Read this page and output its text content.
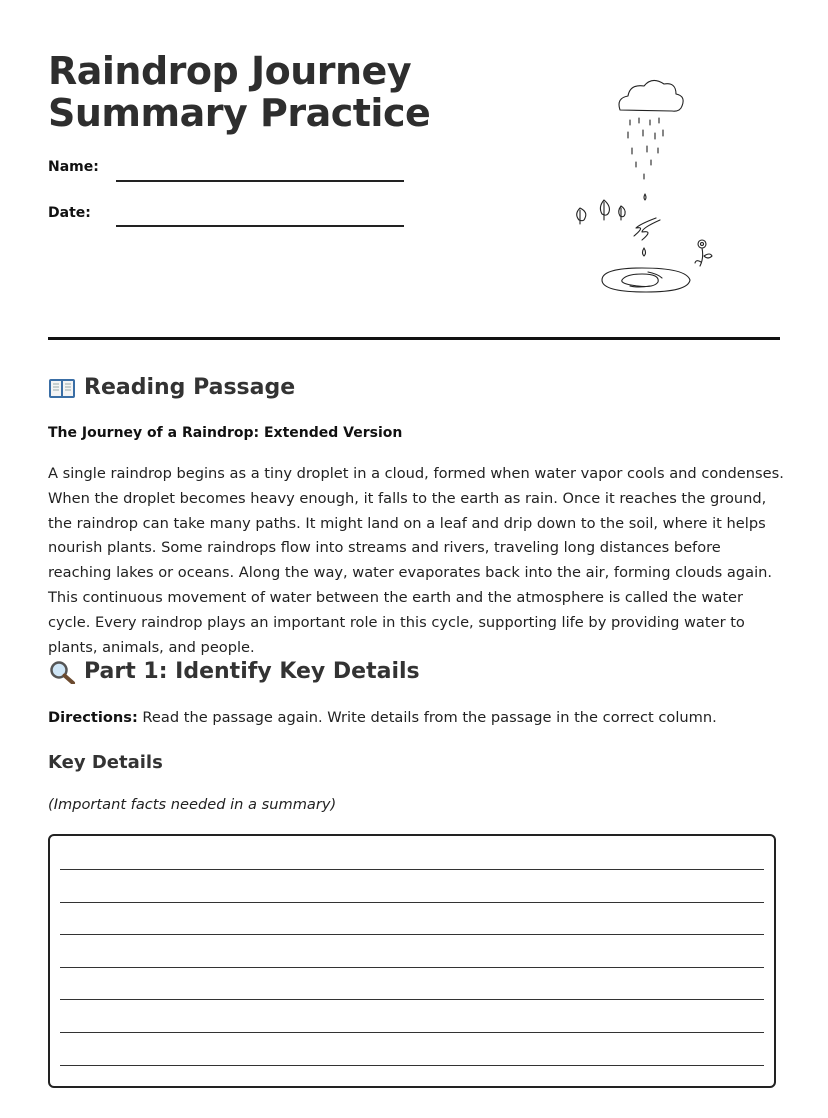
Raindrop Journey
Summary Practice
Name:
Date:
Reading Passage
The Journey of a Raindrop: Extended Version

A single raindrop begins as a tiny droplet in a cloud, formed when water vapor cools and condenses. When the droplet becomes heavy enough, it falls to the earth as rain. Once it reaches the ground, the raindrop can take many paths. It might land on a leaf and drip down to the soil, where it helps nourish plants. Some raindrops flow into streams and rivers, traveling long distances before reaching lakes or oceans. Along the way, water evaporates back into the air, forming clouds again. This continuous movement of water between the earth and the atmosphere is called the water cycle. Every raindrop plays an important role in this cycle, supporting life by providing water to plants, animals, and people.

Part 1: Identify Key Details
Directions: Read the passage again. Write details from the passage in the correct column.
Key Details
(Important facts needed in a summary)
